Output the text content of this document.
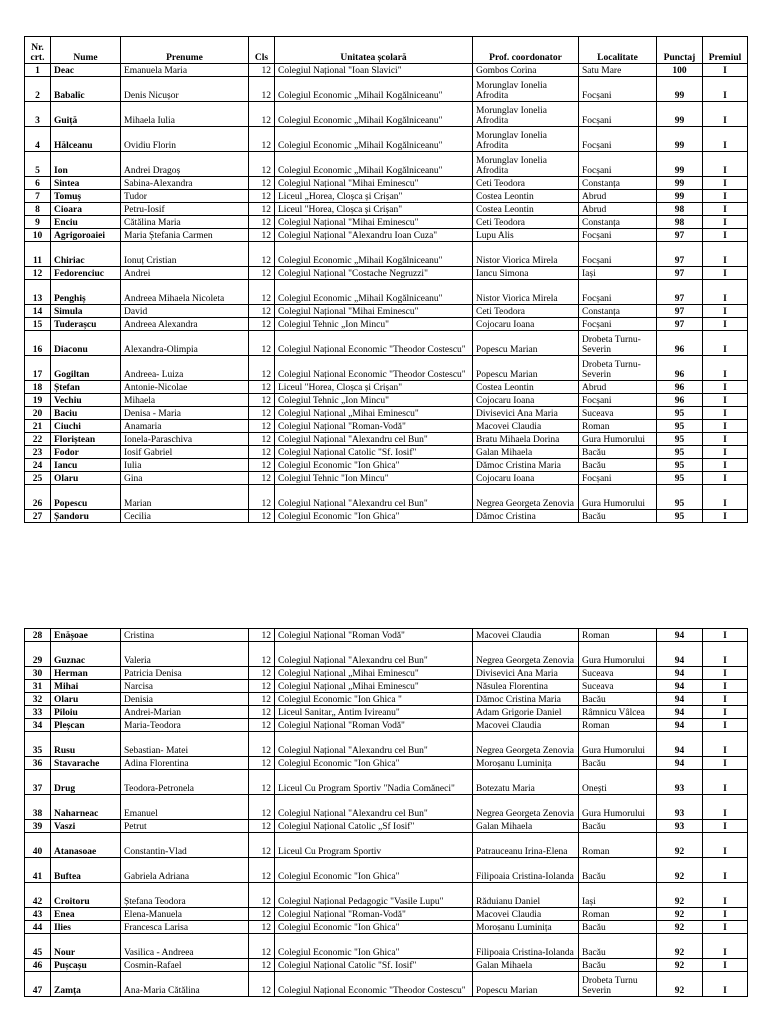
Nr. crt.	Nume	Prenume	Cls	Unitatea școlară	Prof. coordonator	Localitate	Punctaj	Premiul
1	Deac	Emanuela Maria	12	Colegiul Național "Ioan Slavici"	Gombos Corina	Satu Mare	100	I
2	Babalîc	Denis Nicușor	12	Colegiul Economic „Mihail Kogălniceanu"	Morunglav Ionelia Afrodita	Focșani	99	I
3	Guiță	Mihaela Iulia	12	Colegiul Economic „Mihail Kogălniceanu"	Morunglav Ionelia Afrodita	Focșani	99	I
4	Hălceanu	Ovidiu Florin	12	Colegiul Economic „Mihail Kogălniceanu"	Morunglav Ionelia Afrodita	Focșani	99	I
5	Ion	Andrei Dragoș	12	Colegiul Economic „Mihail Kogălniceanu"	Morunglav Ionelia Afrodita	Focșani	99	I
6	Sintea	Sabina-Alexandra	12	Colegiul Național "Mihai Eminescu"	Ceti Teodora	Constanța	99	I
7	Tomuș	Tudor	12	Liceul „Horea, Cloșca și Crișan"	Costea Leontin	Abrud	99	I
8	Cioara	Petru-Iosif	12	Liceul "Horea, Cloșca și Crișan"	Costea Leontin	Abrud	98	I
9	Enciu	Cătălina Maria	12	Colegiul Național "Mihai Eminescu"	Ceti Teodora	Constanța	98	I
10	Agrigoroaiei	Maria Ștefania Carmen	12	Colegiul Național "Alexandru Ioan Cuza"	Lupu Alis	Focșani	97	I
11	Chiriac	Ionuț Cristian	12	Colegiul Economic „Mihail Kogălniceanu"	Nistor Viorica Mirela	Focșani	97	I
12	Fedorenciuc	Andrei	12	Colegiul Național "Costache Negruzzi"	Iancu Simona	Iași	97	I
13	Penghiș	Andreea Mihaela Nicoleta	12	Colegiul Economic „Mihail Kogălniceanu"	Nistor Viorica Mirela	Focșani	97	I
14	Simula	David	12	Colegiul Național "Mihai Eminescu"	Ceti Teodora	Constanța	97	I
15	Tuderașcu	Andreea Alexandra	12	Colegiul Tehnic „Ion Mincu"	Cojocaru Ioana	Focșani	97	I
16	Diaconu	Alexandra-Olimpia	12	Colegiul Național Economic "Theodor Costescu"	Popescu Marian	Drobeta Turnu-Severin	96	I
17	Gogiltan	Andreea- Luiza	12	Colegiul Național Economic "Theodor Costescu"	Popescu Marian	Drobeta Turnu-Severin	96	I
18	Ștefan	Antonie-Nicolae	12	Liceul "Horea, Cloșca și Crișan"	Costea Leontin	Abrud	96	I
19	Vechiu	Mihaela	12	Colegiul Tehnic „Ion Mincu"	Cojocaru Ioana	Focșani	96	I
20	Baciu	Denisa - Maria	12	Colegiul Național „Mihai Eminescu"	Divisevici Ana Maria	Suceava	95	I
21	Ciuchi	Anamaria	12	Colegiul Național "Roman-Vodă"	Macovei Claudia	Roman	95	I
22	Floriștean	Ionela-Paraschiva	12	Colegiul Național "Alexandru cel Bun"	Bratu Mihaela Dorina	Gura Humorului	95	I
23	Fodor	Iosif Gabriel	12	Colegiul Național Catolic "Sf. Iosif"	Galan Mihaela	Bacău	95	I
24	Iancu	Iulia	12	Colegiul Economic "Ion Ghica"	Dămoc Cristina Maria	Bacău	95	I
25	Olaru	Gina	12	Colegiul Tehnic "Ion Mincu"	Cojocaru Ioana	Focșani	95	I
26	Popescu	Marian	12	Colegiul Național "Alexandru cel Bun"	Negrea Georgeta Zenovia	Gura Humorului	95	I
27	Șandoru	Cecilia	12	Colegiul Economic "Ion Ghica"	Dămoc Cristina	Bacău	95	I
28	Enășoae	Cristina	12	Colegiul Național "Roman Vodă"	Macovei Claudia	Roman	94	I
29	Guznac	Valeria	12	Colegiul Național "Alexandru cel Bun"	Negrea Georgeta Zenovia	Gura Humorului	94	I
30	Herman	Patricia Denisa	12	Colegiul Național „Mihai Eminescu"	Divisevici Ana Maria	Suceava	94	I
31	Mihai	Narcisa	12	Colegiul Național „Mihai Eminescu"	Năsulea Florentina	Suceava	94	I
32	Olaru	Denisia	12	Colegiul Economic "Ion Ghica "	Dămoc Cristina Maria	Bacău	94	I
33	Piloiu	Andrei-Marian	12	Liceul Sanitar„ Antim Ivireanu"	Adam Grigorie Daniel	Râmnicu Vâlcea	94	I
34	Pleșcan	Maria-Teodora	12	Colegiul Național "Roman Vodă"	Macovei Claudia	Roman	94	I
35	Rusu	Sebastian- Matei	12	Colegiul Național "Alexandru cel Bun"	Negrea Georgeta Zenovia	Gura Humorului	94	I
36	Stavarache	Adina Florentina	12	Colegiul Economic "Ion Ghica"	Moroșanu Luminița	Bacău	94	I
37	Drug	Teodora-Petronela	12	Liceul Cu Program Sportiv "Nadia Comăneci"	Botezatu Maria	Onești	93	I
38	Naharneac	Emanuel	12	Colegiul Național "Alexandru cel Bun"	Negrea Georgeta Zenovia	Gura Humorului	93	I
39	Vaszi	Petrut	12	Colegiul Național Catolic „Sf Iosif"	Galan Mihaela	Bacău	93	I
40	Atanasoae	Constantin-Vlad	12	Liceul Cu Program Sportiv	Patrauceanu Irina-Elena	Roman	92	I
41	Buftea	Gabriela Adriana	12	Colegiul Economic "Ion Ghica"	Filipoaia Cristina-Iolanda	Bacău	92	I
42	Croitoru	Ștefana Teodora	12	Colegiul Național Pedagogic "Vasile Lupu"	Răduianu Daniel	Iași	92	I
43	Enea	Elena-Manuela	12	Colegiul Național "Roman-Vodă"	Macovei Claudia	Roman	92	I
44	Ilies	Francesca Larisa	12	Colegiul Economic "Ion Ghica"	Moroșanu Luminița	Bacău	92	I
45	Nour	Vasilica - Andreea	12	Colegiul Economic "Ion Ghica"	Filipoaia Cristina-Iolanda	Bacău	92	I
46	Pușcașu	Cosmin-Rafael	12	Colegiul Național Catolic "Sf. Iosif"	Galan Mihaela	Bacău	92	I
47	Zamța	Ana-Maria Cătălina	12	Colegiul Național Economic "Theodor Costescu"	Popescu Marian	Drobeta Turnu Severin	92	I
